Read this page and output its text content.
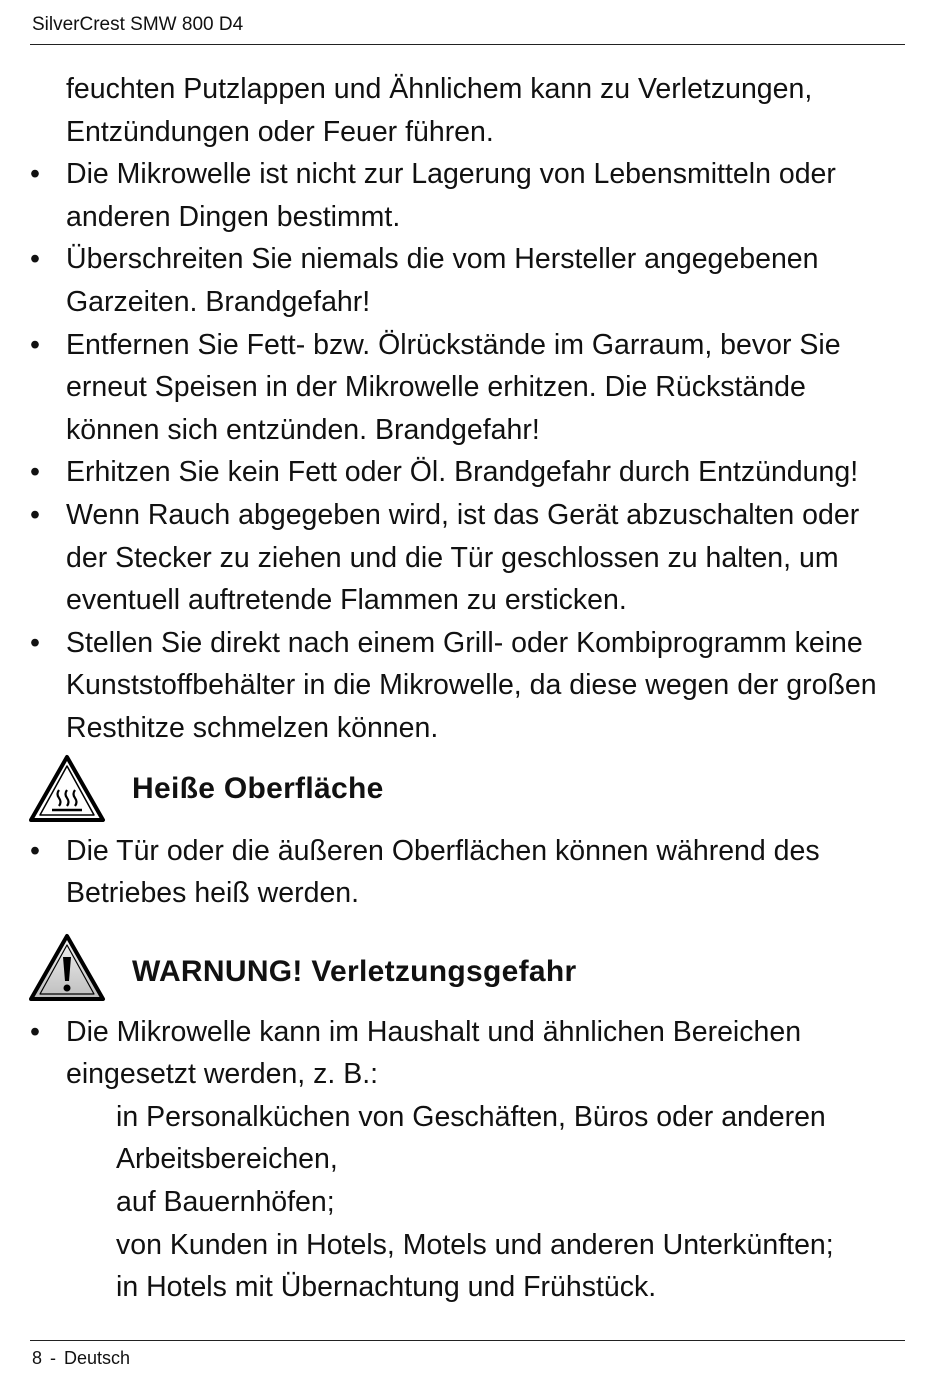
SilverCrest SMW 800 D4
feuchten Putzlappen und Ähnlichem kann zu Verletzungen,
Entzündungen oder Feuer führen.
• Die Mikrowelle ist nicht zur Lagerung von Lebensmitteln oder
anderen Dingen bestimmt.
• Überschreiten Sie niemals die vom Hersteller angegebenen
Garzeiten. Brandgefahr!
• Entfernen Sie Fett- bzw. Ölrückstände im Garraum, bevor Sie
erneut Speisen in der Mikrowelle erhitzen. Die Rückstände
können sich entzünden. Brandgefahr!
• Erhitzen Sie kein Fett oder Öl. Brandgefahr durch Entzündung!
• Wenn Rauch abgegeben wird, ist das Gerät abzuschalten oder
der Stecker zu ziehen und die Tür geschlossen zu halten, um
eventuell auftretende Flammen zu ersticken.
• Stellen Sie direkt nach einem Grill- oder Kombiprogramm keine
Kunststoffbehälter in die Mikrowelle, da diese wegen der großen
Resthitze schmelzen können.
Heiße Oberfläche
• Die Tür oder die äußeren Oberflächen können während des
Betriebes heiß werden.
WARNUNG! Verletzungsgefahr
• Die Mikrowelle kann im Haushalt und ähnlichen Bereichen
eingesetzt werden, z. B.:
in Personalküchen von Geschäften, Büros oder anderen
Arbeitsbereichen,
auf Bauernhöfen;
von Kunden in Hotels, Motels und anderen Unterkünften;
in Hotels mit Übernachtung und Frühstück.
8 - Deutsch
